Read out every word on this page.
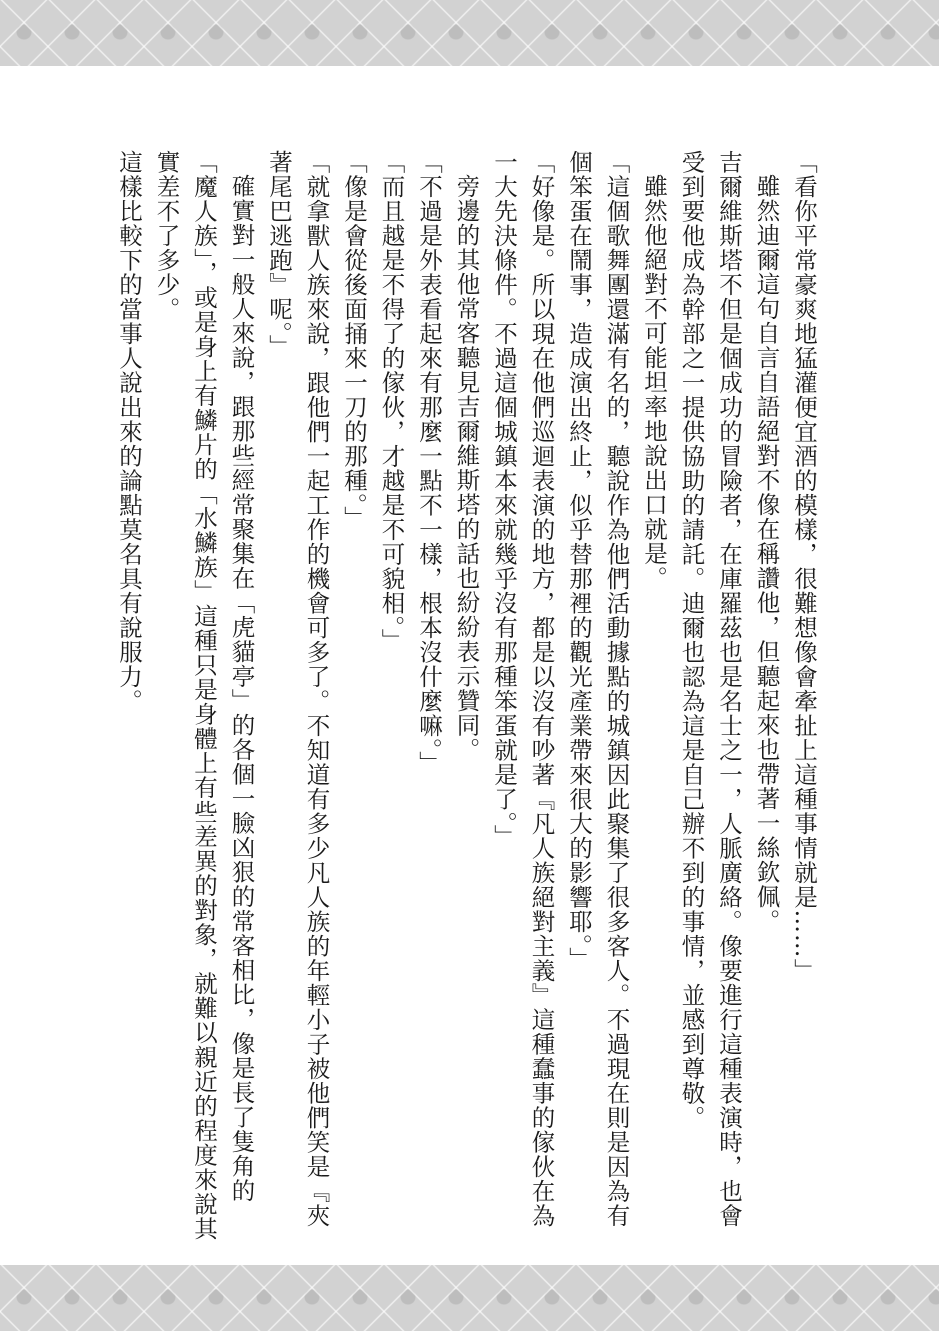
「看你平常豪爽地猛灌便宜酒的模樣，很難想像會牽扯上這種事情就是……」

雖然迪爾這句自言自語絕對不像在稱讚他，但聽起來也帶著一絲欽佩。

吉爾維斯塔不但是個成功的冒險者，在庫羅茲也是名士之一，人脈廣絡。像要進行這種表演時，也會受到要他成為幹部之一提供協助的請託。迪爾也認為這是自己辦不到的事情，並感到尊敬。

雖然他絕對不可能坦率地說出口就是。

「這個歌舞團還滿有名的，聽說作為他們活動據點的城鎮因此聚集了很多客人。不過現在則是因為有個笨蛋在鬧事，造成演出終止，似乎替那裡的觀光產業帶來很大的影響耶。」

「好像是。所以現在他們巡迴表演的地方，都是以沒有吵著『凡人族絕對主義』這種蠢事的傢伙在為一大先決條件。不過這個城鎮本來就幾乎沒有那種笨蛋就是了。」

旁邊的其他常客聽見吉爾維斯塔的話也紛紛表示贊同。

「不過是外表看起來有那麼一點不一樣，根本沒什麼嘛。」

「而且越是不得了的傢伙，才越是不可貌相。」

「像是會從後面捅來一刀的那種。」

「就拿獸人族來說，跟他們一起工作的機會可多了。不知道有多少凡人族的年輕小子被他們笑是『夾著尾巴逃跑』呢。」

確實對一般人來說，跟那些經常聚集在「虎貓亭」的各個一臉凶狠的常客相比，像是長了隻角的「魔人族」，或是身上有鱗片的「水鱗族」這種只是身體上有些差異的對象，就難以親近的程度來說其實差不了多少。

這樣比較下的當事人說出來的論點莫名具有說服力。
